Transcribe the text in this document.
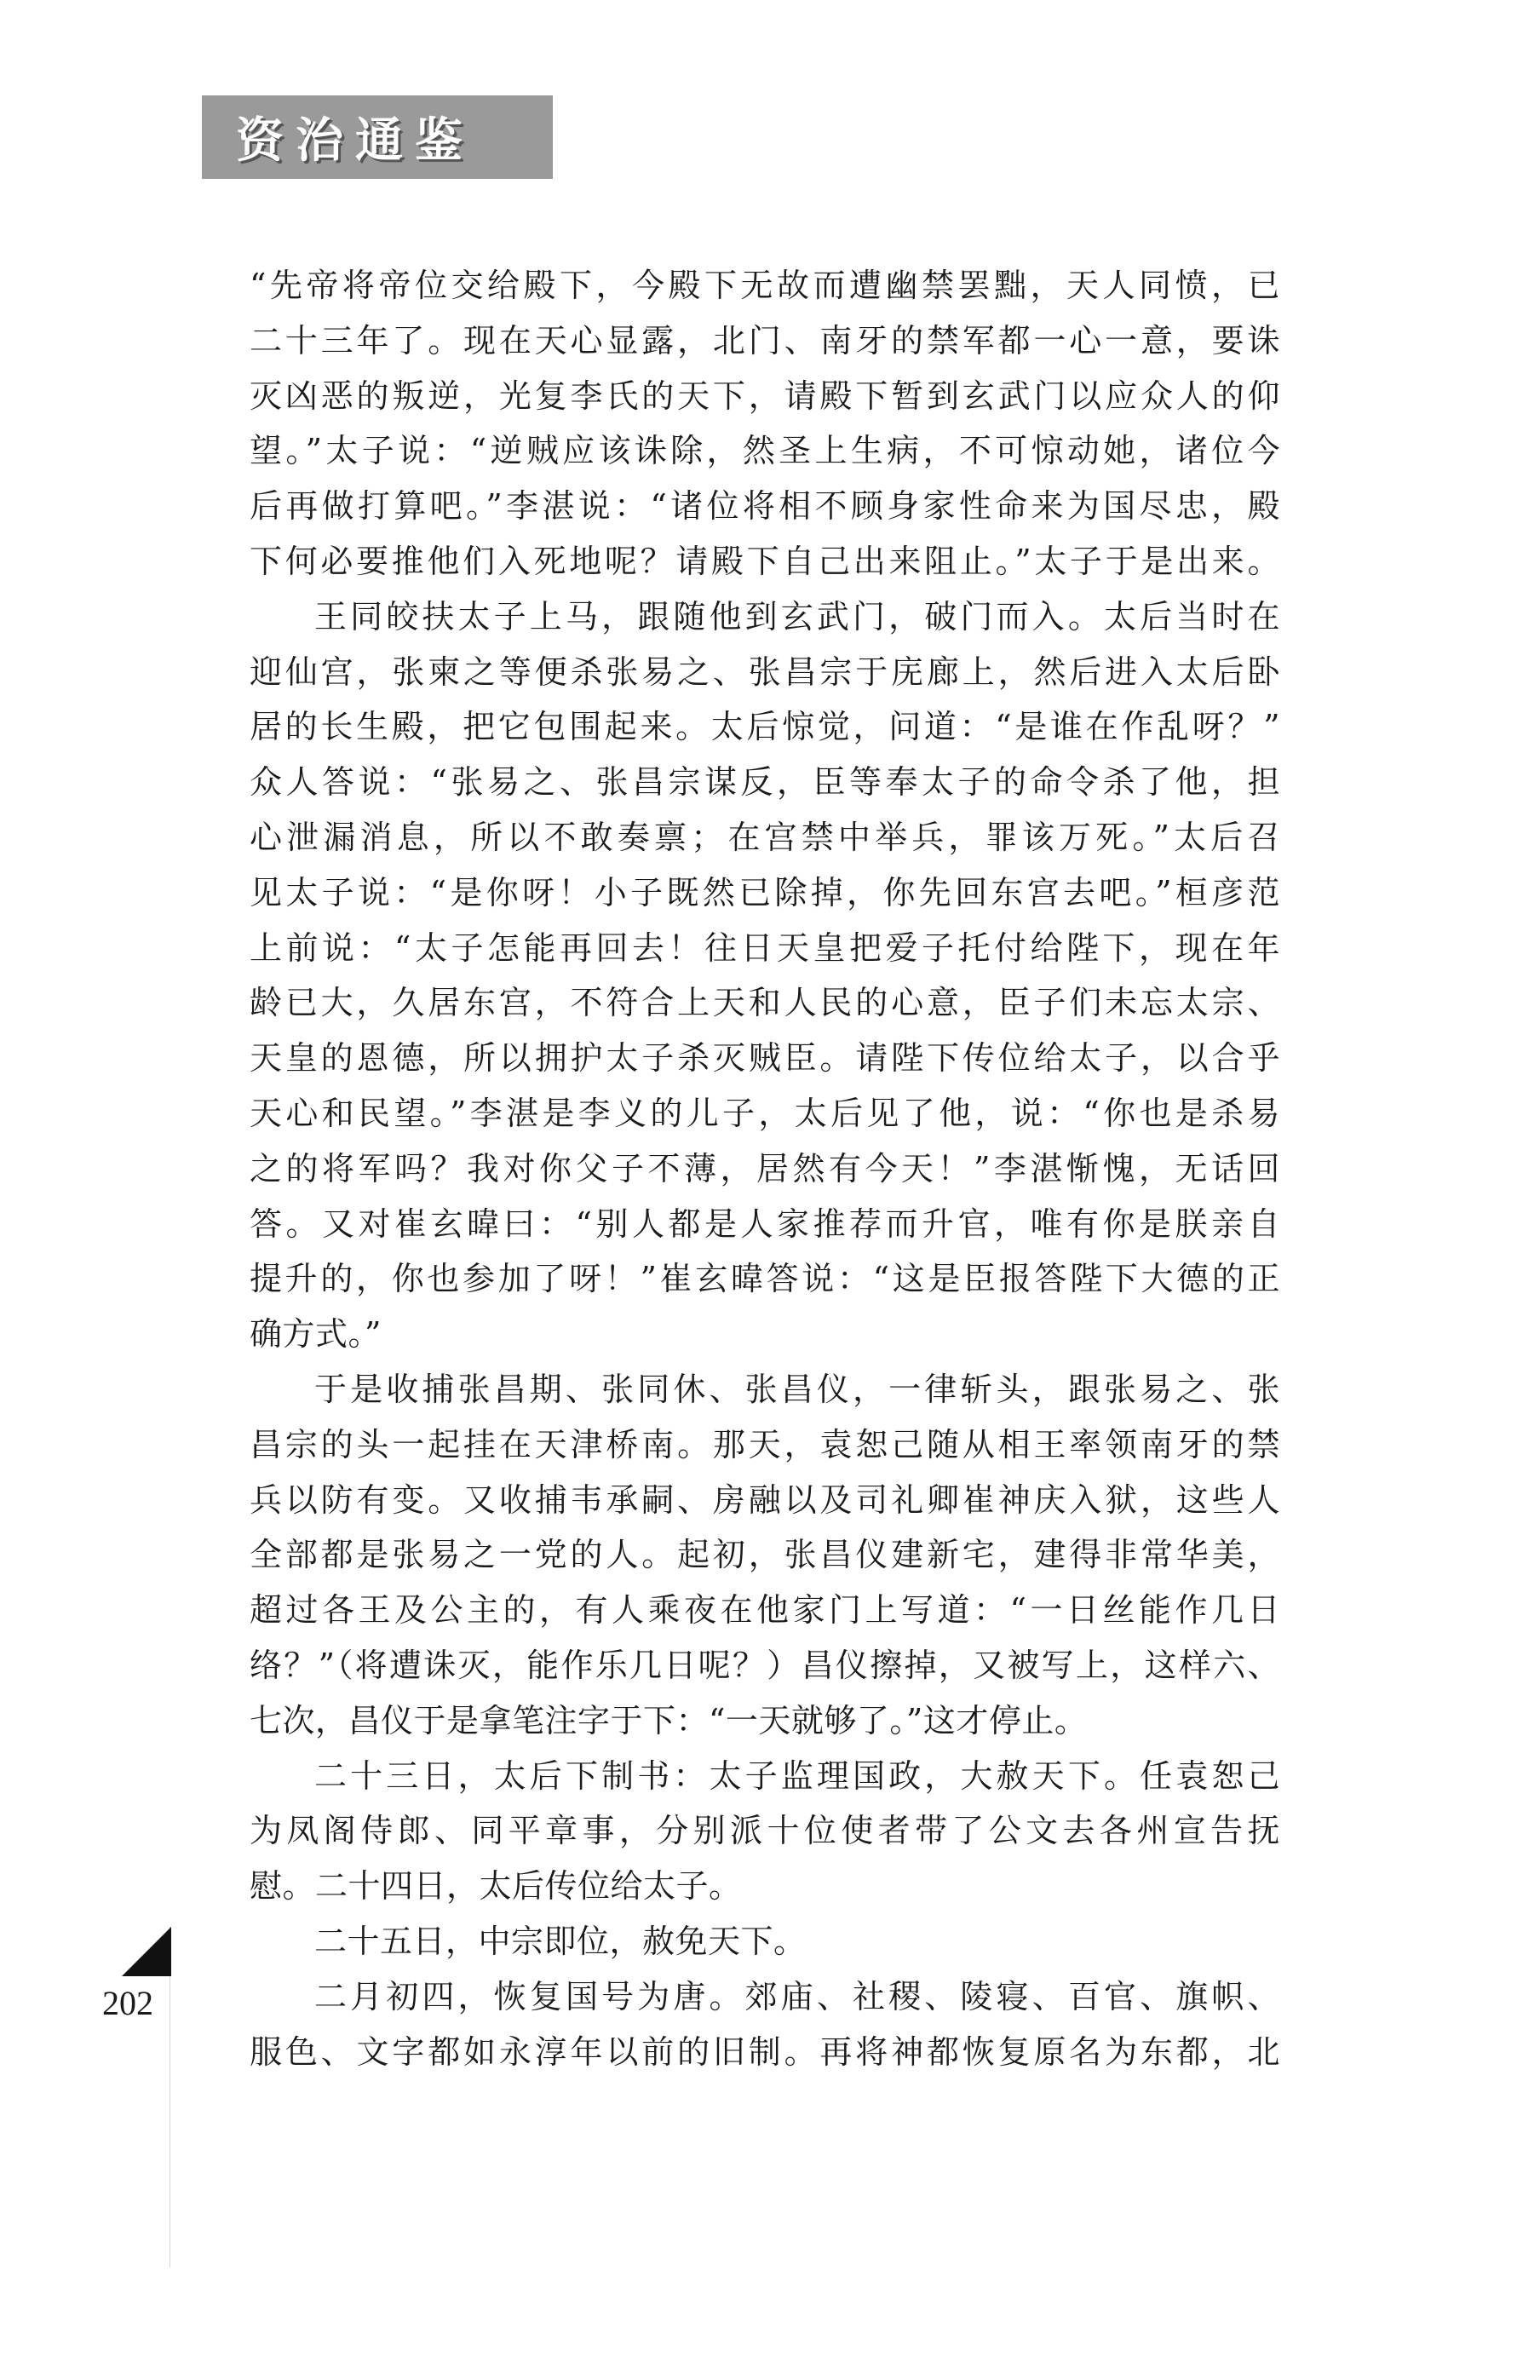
资治通鉴
“先帝将帝位交给殿下，今殿下无故而遭幽禁罢黜，天人同愤，已
二十三年了。现在天心显露，北门、南牙的禁军都一心一意，要诛
灭凶恶的叛逆，光复李氏的天下，请殿下暂到玄武门以应众人的仰
望。”太子说：“逆贼应该诛除，然圣上生病，不可惊动她，诸位今
后再做打算吧。”李湛说：“诸位将相不顾身家性命来为国尽忠，殿
下何必要推他们入死地呢？请殿下自己出来阻止。”太子于是出来。
王同皎扶太子上马，跟随他到玄武门，破门而入。太后当时在
迎仙宫，张柬之等便杀张易之、张昌宗于庑廊上，然后进入太后卧
居的长生殿，把它包围起来。太后惊觉，问道：“是谁在作乱呀？”
众人答说：“张易之、张昌宗谋反，臣等奉太子的命令杀了他，担
心泄漏消息，所以不敢奏禀；在宫禁中举兵，罪该万死。”太后召
见太子说：“是你呀！小子既然已除掉，你先回东宫去吧。”桓彦范
上前说：“太子怎能再回去！往日天皇把爱子托付给陛下，现在年
龄已大，久居东宫，不符合上天和人民的心意，臣子们未忘太宗、
天皇的恩德，所以拥护太子杀灭贼臣。请陛下传位给太子，以合乎
天心和民望。”李湛是李义的儿子，太后见了他，说：“你也是杀易
之的将军吗？我对你父子不薄，居然有今天！”李湛惭愧，无话回
答。又对崔玄暐曰：“别人都是人家推荐而升官，唯有你是朕亲自
提升的，你也参加了呀！”崔玄暐答说：“这是臣报答陛下大德的正
确方式。”
于是收捕张昌期、张同休、张昌仪，一律斩头，跟张易之、张
昌宗的头一起挂在天津桥南。那天，袁恕己随从相王率领南牙的禁
兵以防有变。又收捕韦承嗣、房融以及司礼卿崔神庆入狱，这些人
全部都是张易之一党的人。起初，张昌仪建新宅，建得非常华美，
超过各王及公主的，有人乘夜在他家门上写道：“一日丝能作几日
络？”（将遭诛灭，能作乐几日呢？）昌仪擦掉，又被写上，这样六、
七次，昌仪于是拿笔注字于下：“一天就够了。”这才停止。
二十三日，太后下制书：太子监理国政，大赦天下。任袁恕己
为凤阁侍郎、同平章事，分别派十位使者带了公文去各州宣告抚
慰。二十四日，太后传位给太子。
二十五日，中宗即位，赦免天下。
二月初四，恢复国号为唐。郊庙、社稷、陵寝、百官、旗帜、
服色、文字都如永淳年以前的旧制。再将神都恢复原名为东都，北
202
